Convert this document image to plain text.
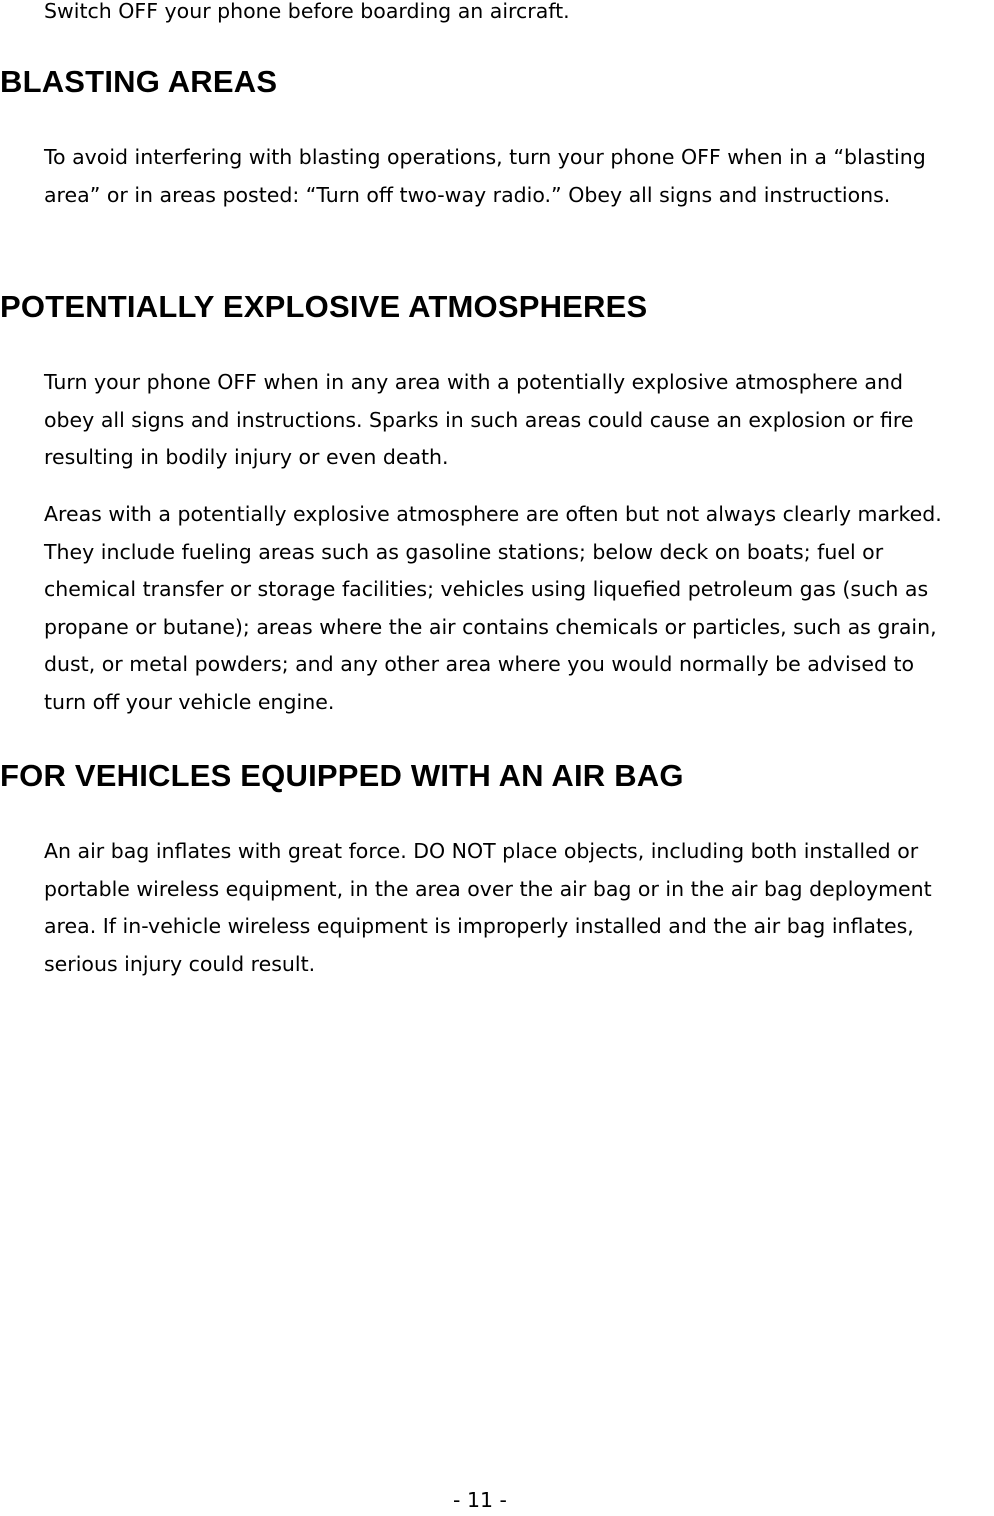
Switch OFF your phone before boarding an aircraft.

BLASTING AREAS

To avoid interfering with blasting operations, turn your phone OFF when in a “blasting area” or in areas posted: “Turn off two-way radio.” Obey all signs and instructions.

POTENTIALLY EXPLOSIVE ATMOSPHERES

Turn your phone OFF when in any area with a potentially explosive atmosphere and obey all signs and instructions. Sparks in such areas could cause an explosion or fire resulting in bodily injury or even death.

Areas with a potentially explosive atmosphere are often but not always clearly marked. They include fueling areas such as gasoline stations; below deck on boats; fuel or chemical transfer or storage facilities; vehicles using liquefied petroleum gas (such as propane or butane); areas where the air contains chemicals or particles, such as grain, dust, or metal powders; and any other area where you would normally be advised to turn off your vehicle engine.

FOR VEHICLES EQUIPPED WITH AN AIR BAG

An air bag inflates with great force. DO NOT place objects, including both installed or portable wireless equipment, in the area over the air bag or in the air bag deployment area. If in-vehicle wireless equipment is improperly installed and the air bag inflates, serious injury could result.

- 11 -
